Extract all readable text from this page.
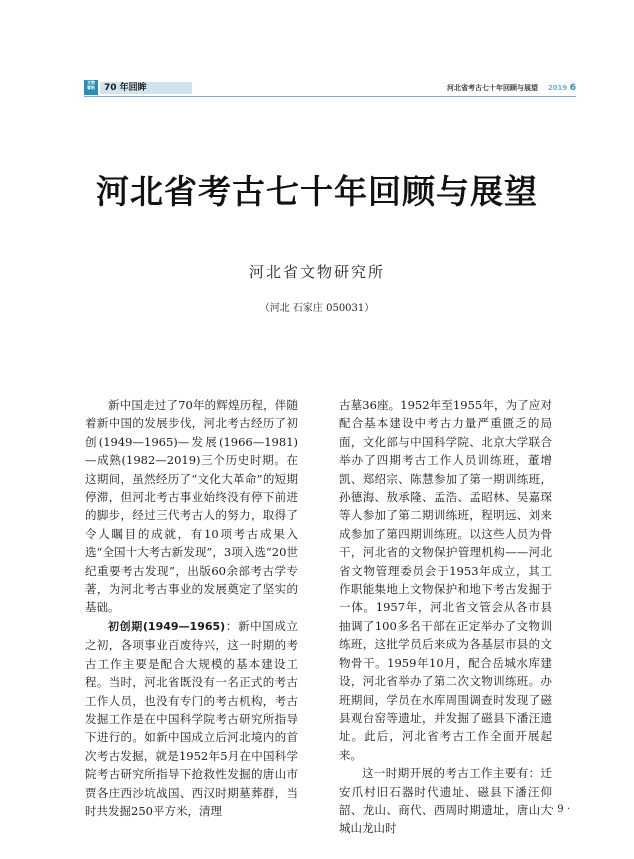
文物
春秋	70 年回眸	河北省考古七十年回顾与展望 2019 6
河北省考古七十年回顾与展望
河北省文物研究所
（河北 石家庄 050031）

新中国走过了70年的辉煌历程，伴随着新中国的发展步伐，河北考古经历了初创(1949—1965)—发展(1966—1981)—成熟(1982—2019)三个历史时期。在这期间，虽然经历了“文化大革命”的短期停滞，但河北考古事业始终没有停下前进的脚步，经过三代考古人的努力，取得了令人瞩目的成就，有10项考古成果入选“全国十大考古新发现”，3项入选“20世纪重要考古发现”，出版60余部考古学专著，为河北考古事业的发展奠定了坚实的基础。

初创期(1949—1965)：新中国成立之初，各项事业百废待兴，这一时期的考古工作主要是配合大规模的基本建设工程。当时，河北省既没有一名正式的考古工作人员，也没有专门的考古机构，考古发掘工作是在中国科学院考古研究所指导下进行的。如新中国成立后河北境内的首次考古发掘，就是1952年5月在中国科学院考古研究所指导下抢救性发掘的唐山市贾各庄西沙坑战国、西汉时期墓葬群，当时共发掘250平方米，清理

古墓36座。1952年至1955年，为了应对配合基本建设中考古力量严重匮乏的局面，文化部与中国科学院、北京大学联合举办了四期考古工作人员训练班，董增凯、郑绍宗、陈慧参加了第一期训练班，孙德海、敖承隆、孟浩、孟昭林、吴嘉琛等人参加了第二期训练班，程明远、刘来成参加了第四期训练班。以这些人员为骨干，河北省的文物保护管理机构——河北省文物管理委员会于1953年成立，其工作职能集地上文物保护和地下考古发掘于一体。1957年，河北省文管会从各市县抽调了100多名干部在正定举办了文物训练班，这批学员后来成为各基层市县的文物骨干。1959年10月，配合岳城水库建设，河北省举办了第二次文物训练班。办班期间，学员在水库周围调查时发现了磁县观台窑等遗址，并发掘了磁县下潘汪遗址。此后，河北省考古工作全面开展起来。

这一时期开展的考古工作主要有：迁安爪村旧石器时代遗址、磁县下潘汪仰韶、龙山、商代、西周时期遗址，唐山大城山龙山时

· 9 ·
